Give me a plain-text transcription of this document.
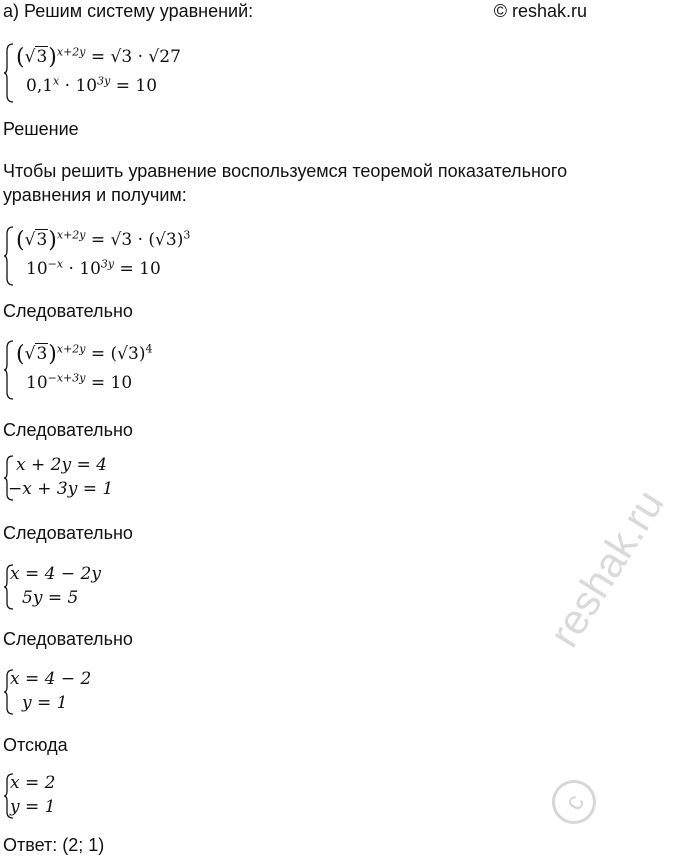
а) Решим систему уравнений:	© reshak.ru
$(√3)^{x+2y} = √3 \cdot √27$
$0,1^x \cdot 10^{3y} = 10$
Решение
Чтобы решить уравнение воспользуемся теоремой показательного
уравнения и получим:
$(√3)^{x+2y} = √3 \cdot (√3)^3$
$10^{-x} \cdot 10^{3y} = 10$
Следовательно
$(√3)^{x+2y} = (√3)^4$
$10^{-x+3y} = 10$
Следовательно
x + 2y = 4
−x + 3y = 1
Следовательно
x = 4 − 2y
5y = 5
Следовательно
x = 4 − 2
y = 1
Отсюда
x = 2
y = 1
Ответ: (2; 1)
reshak.ru
c
